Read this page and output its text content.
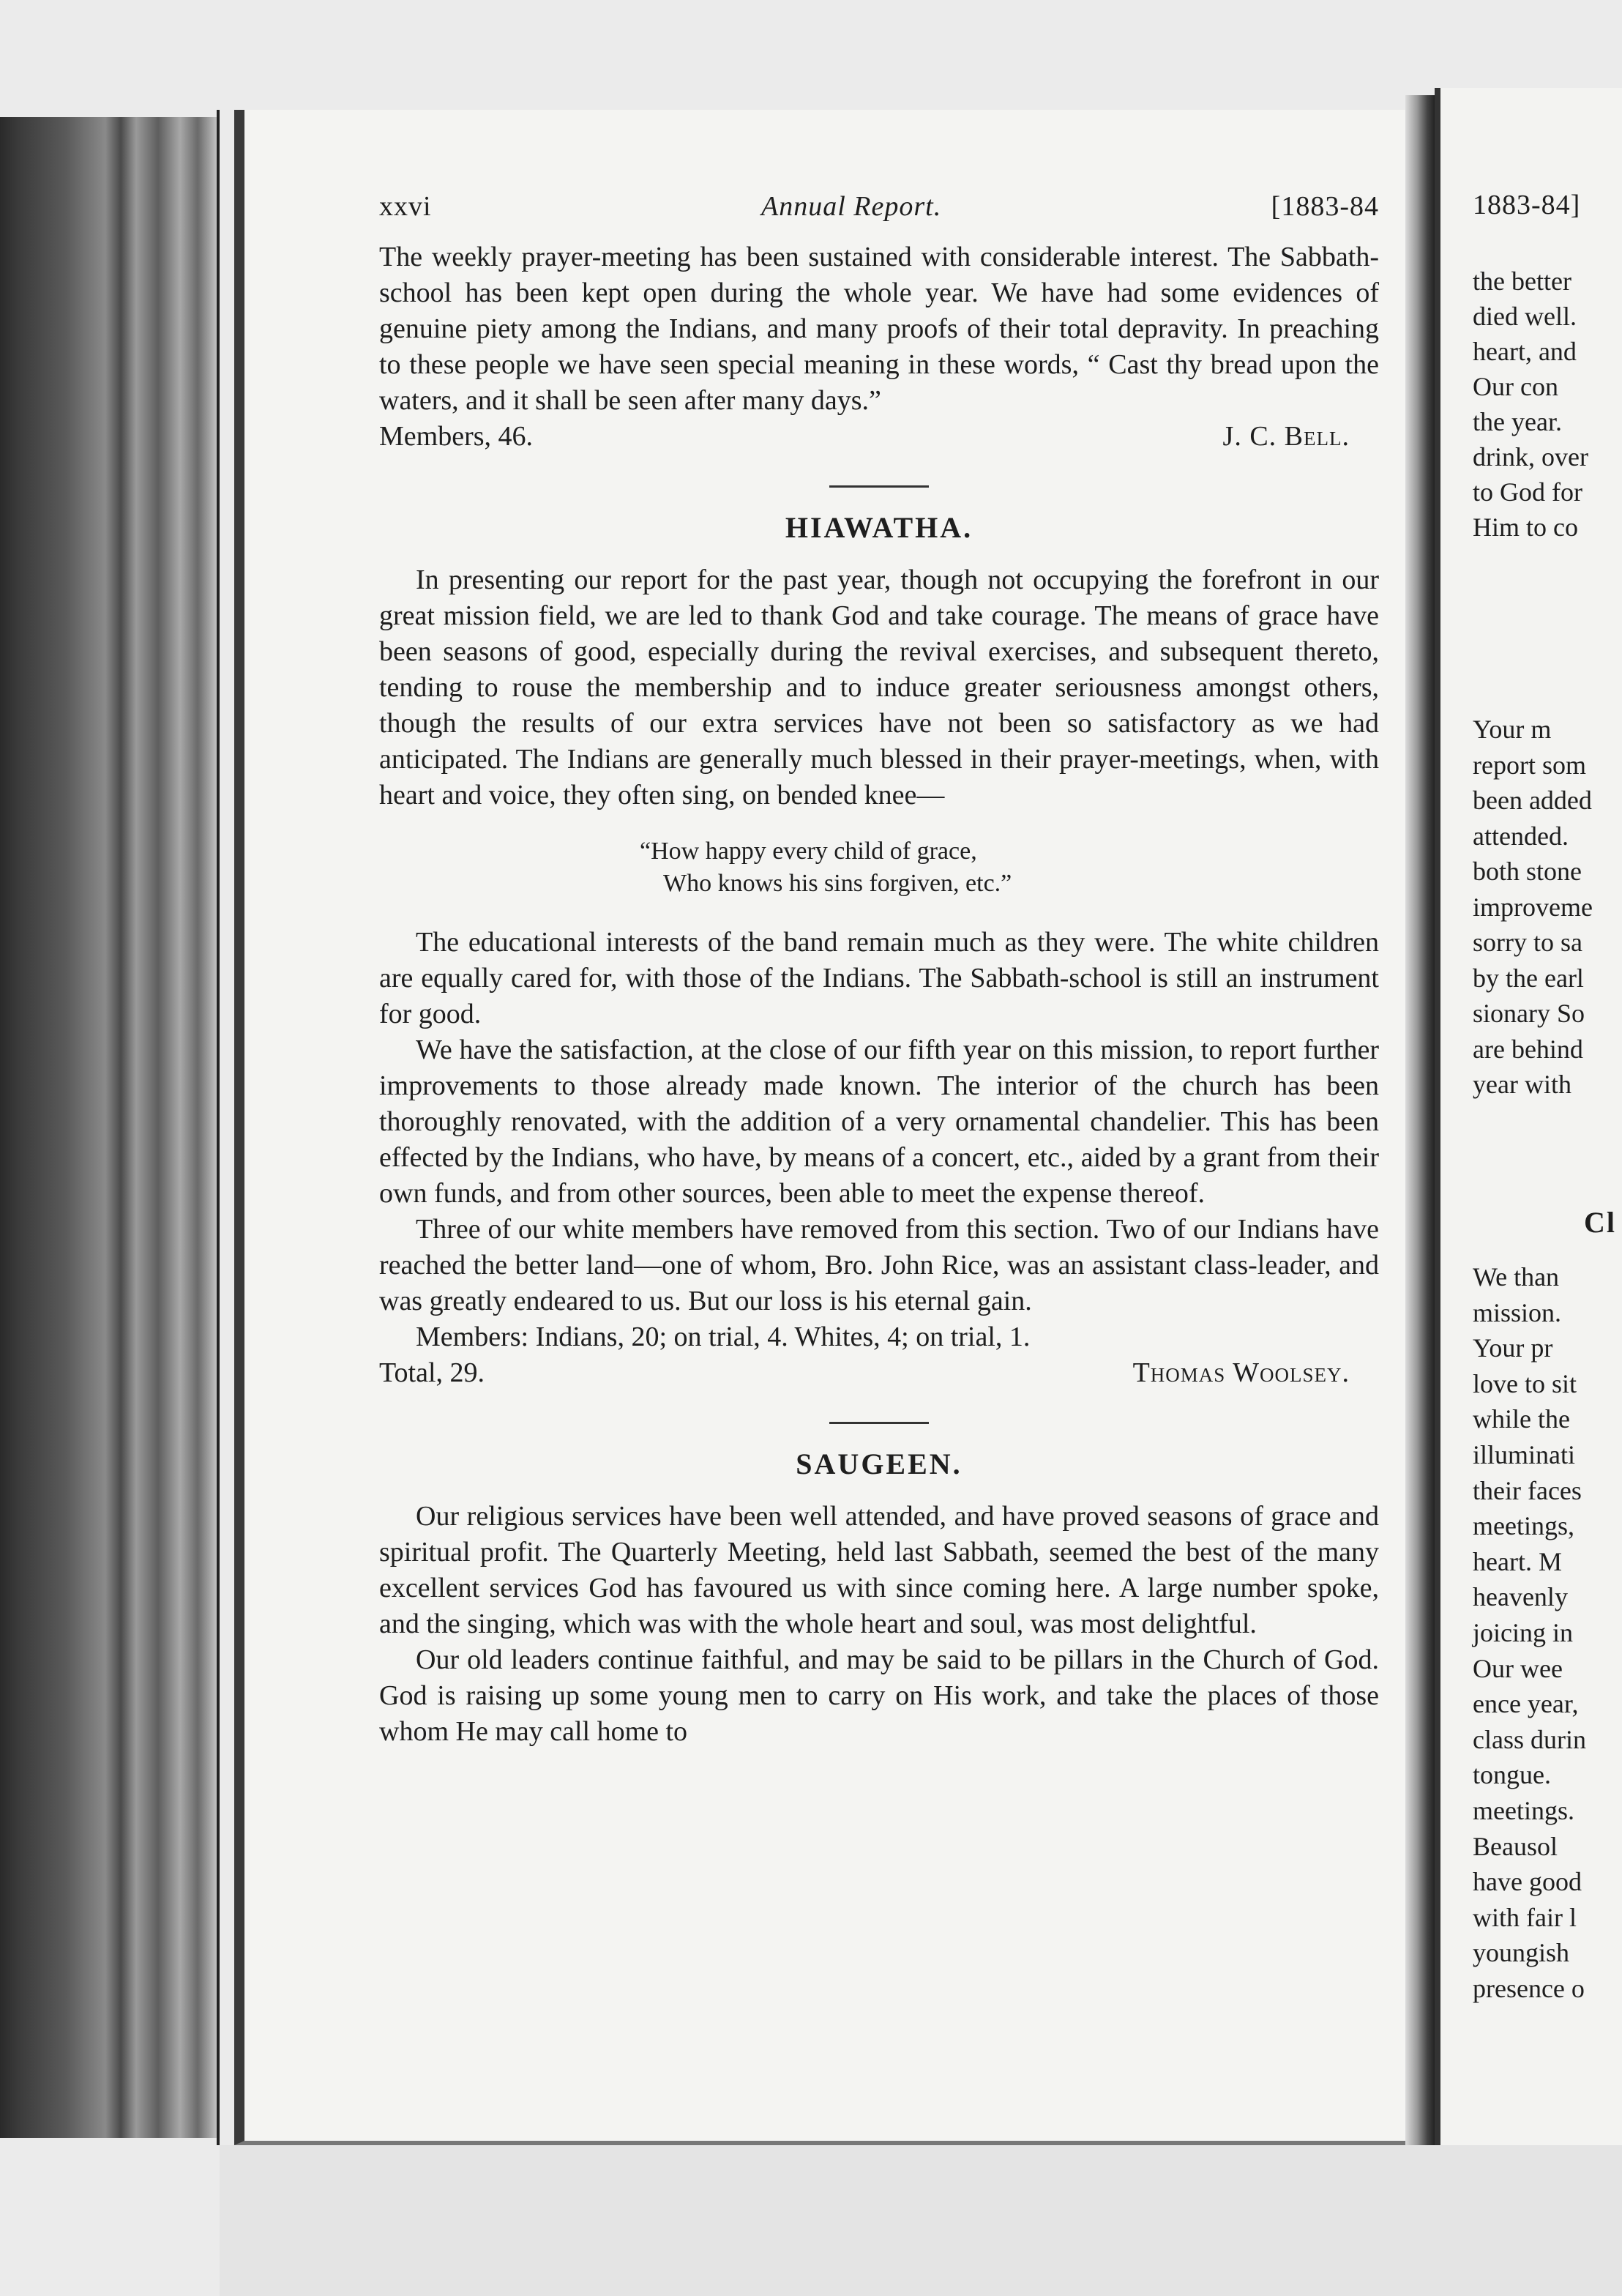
xxvi	Annual Report.	[1883-84

The weekly prayer-meeting has been sustained with considerable interest. The Sabbath-school has been kept open during the whole year. We have had some evidences of genuine piety among the Indians, and many proofs of their total depravity. In preaching to these people we have seen special meaning in these words, “ Cast thy bread upon the waters, and it shall be seen after many days.”

Members, 46.	J. C. Bell.
HIAWATHA.

In presenting our report for the past year, though not occupying the forefront in our great mission field, we are led to thank God and take courage. The means of grace have been seasons of good, especially during the revival exercises, and subsequent thereto, tending to rouse the membership and to induce greater seriousness amongst others, though the results of our extra services have not been so satisfactory as we had anticipated. The Indians are generally much blessed in their prayer-meetings, when, with heart and voice, they often sing, on bended knee—

“How happy every child of grace,
Who knows his sins forgiven, etc.”

The educational interests of the band remain much as they were. The white children are equally cared for, with those of the Indians. The Sabbath-school is still an instrument for good.

We have the satisfaction, at the close of our fifth year on this mission, to report further improvements to those already made known. The interior of the church has been thoroughly renovated, with the addition of a very ornamental chandelier. This has been effected by the Indians, who have, by means of a concert, etc., aided by a grant from their own funds, and from other sources, been able to meet the expense thereof.

Three of our white members have removed from this section. Two of our Indians have reached the better land—one of whom, Bro. John Rice, was an assistant class-leader, and was greatly endeared to us. But our loss is his eternal gain.

Members: Indians, 20; on trial, 4. Whites, 4; on trial, 1.

Total, 29.	Thomas Woolsey.
SAUGEEN.

Our religious services have been well attended, and have proved seasons of grace and spiritual profit. The Quarterly Meeting, held last Sabbath, seemed the best of the many excellent services God has favoured us with since coming here. A large number spoke, and the singing, which was with the whole heart and soul, was most delightful.

Our old leaders continue faithful, and may be said to be pillars in the Church of God. God is raising up some young men to carry on His work, and take the places of those whom He may call home to

1883-84]
Cl
the better
died well.
heart, and
Our con
the year.
drink, over
to God for
Him to co
Your m
report som
been added
attended.
both stone
improveme
sorry to sa
by the earl
sionary So
are behind
year with
We than
mission.
Your pr
love to sit
while the
illuminati
their faces
meetings,
heart. M
heavenly
joicing in
Our wee
ence year,
class durin
tongue.
meetings.
Beausol
have good
with fair l
youngish
presence o
